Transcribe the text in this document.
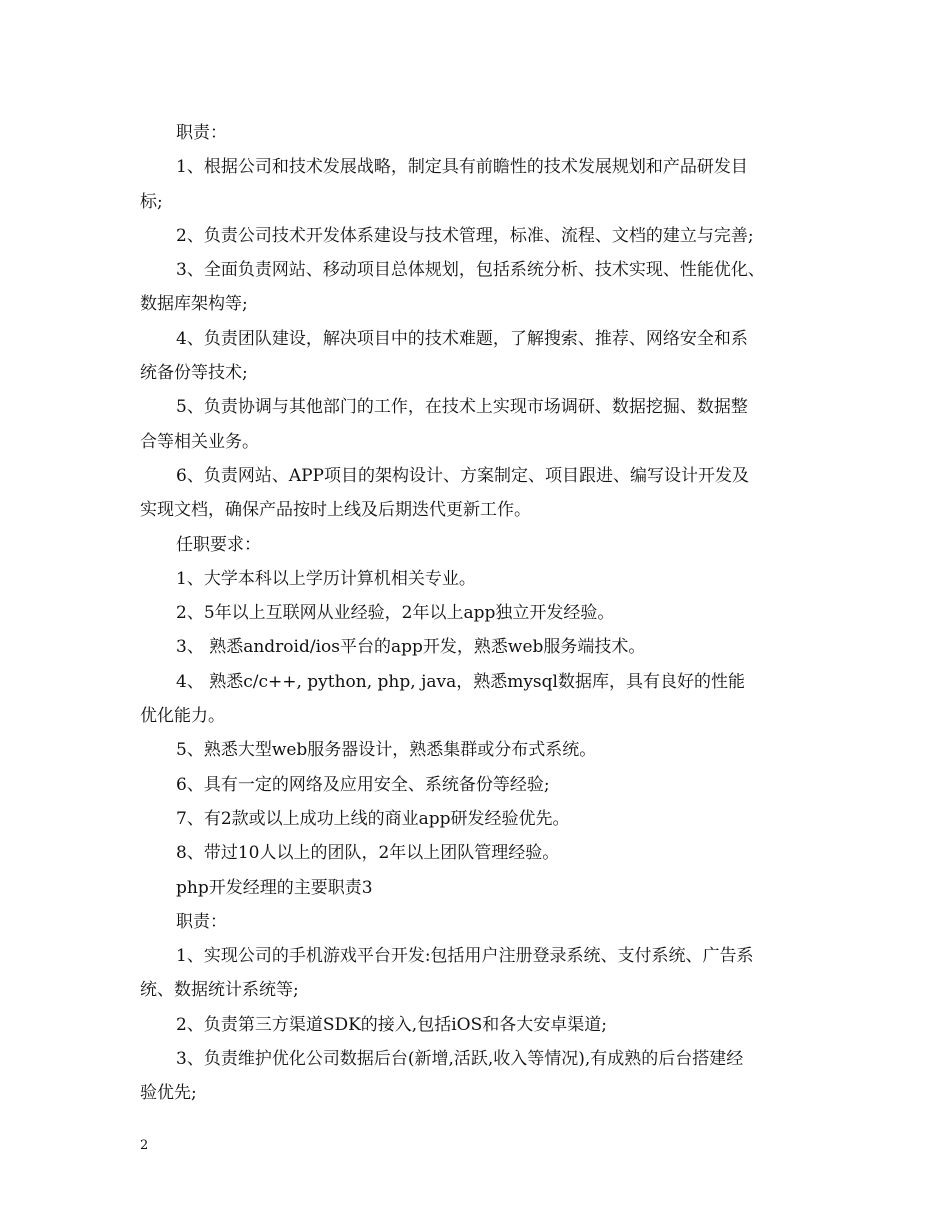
职责：
1、根据公司和技术发展战略，制定具有前瞻性的技术发展规划和产品研发目
标;
2、负责公司技术开发体系建设与技术管理，标准、流程、文档的建立与完善;
3、全面负责网站、移动项目总体规划，包括系统分析、技术实现、性能优化、
数据库架构等;
4、负责团队建设，解决项目中的技术难题，了解搜索、推荐、网络安全和系
统备份等技术;
5、负责协调与其他部门的工作，在技术上实现市场调研、数据挖掘、数据整
合等相关业务。
6、负责网站、APP项目的架构设计、方案制定、项目跟进、编写设计开发及
实现文档，确保产品按时上线及后期迭代更新工作。
任职要求：
1、大学本科以上学历计算机相关专业。
2、5年以上互联网从业经验，2年以上app独立开发经验。
3、 熟悉android/ios平台的app开发，熟悉web服务端技术。
4、 熟悉c/c++, python, php, java，熟悉mysql数据库，具有良好的性能
优化能力。
5、熟悉大型web服务器设计，熟悉集群或分布式系统。
6、具有一定的网络及应用安全、系统备份等经验;
7、有2款或以上成功上线的商业app研发经验优先。
8、带过10人以上的团队，2年以上团队管理经验。
php开发经理的主要职责3
职责：
1、实现公司的手机游戏平台开发:包括用户注册登录系统、支付系统、广告系
统、数据统计系统等;
2、负责第三方渠道SDK的接入,包括iOS和各大安卓渠道;
3、负责维护优化公司数据后台(新增,活跃,收入等情况),有成熟的后台搭建经
验优先;
2
